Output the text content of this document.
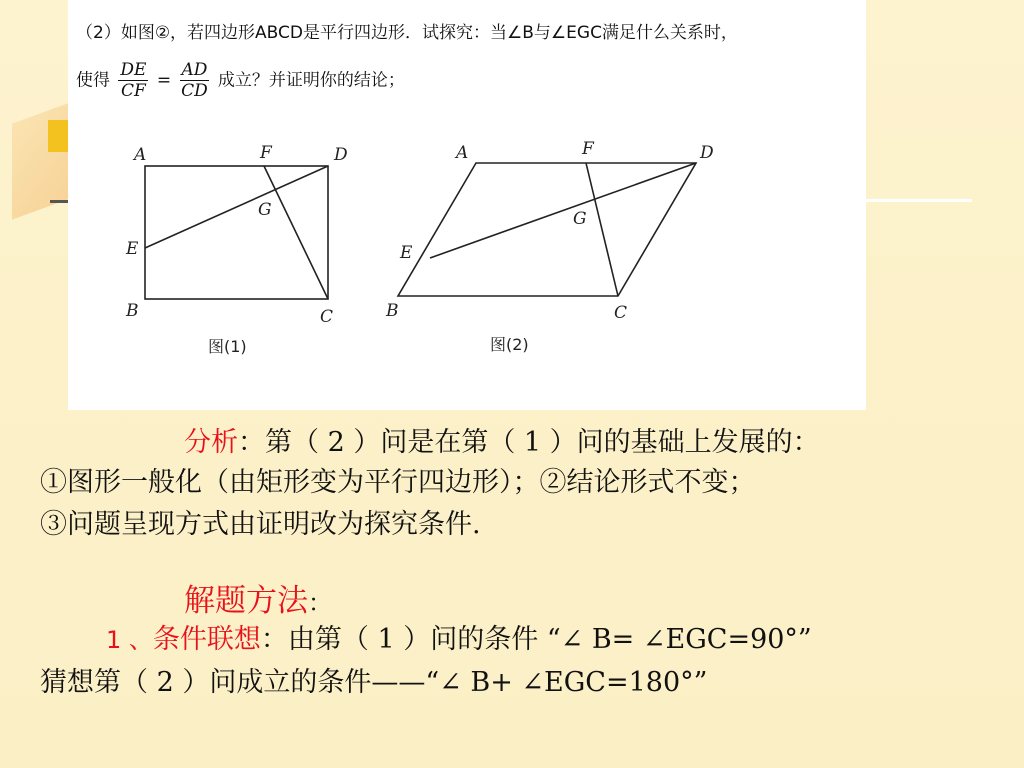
（2）如图②，若四边形ABCD是平行四边形．试探究：当∠B与∠EGC满足什么关系时，
使得 $\frac{DE}{CF} = \frac{AD}{CD}$ 成立？并证明你的结论；
A	F	D
G
E
B	C
图(1)
A	F	D
G
E
B	C
图(2)
分析：第（ 2 ）问是在第（ 1 ）问的基础上发展的：
①图形一般化（由矩形变为平行四边形）；②结论形式不变；
③问题呈现方式由证明改为探究条件.
解题方法：
1 、条件联想：由第（ 1 ）问的条件 “∠ B= ∠EGC=90°”
猜想第（ 2 ）问成立的条件——“∠ B+ ∠EGC=180°”
